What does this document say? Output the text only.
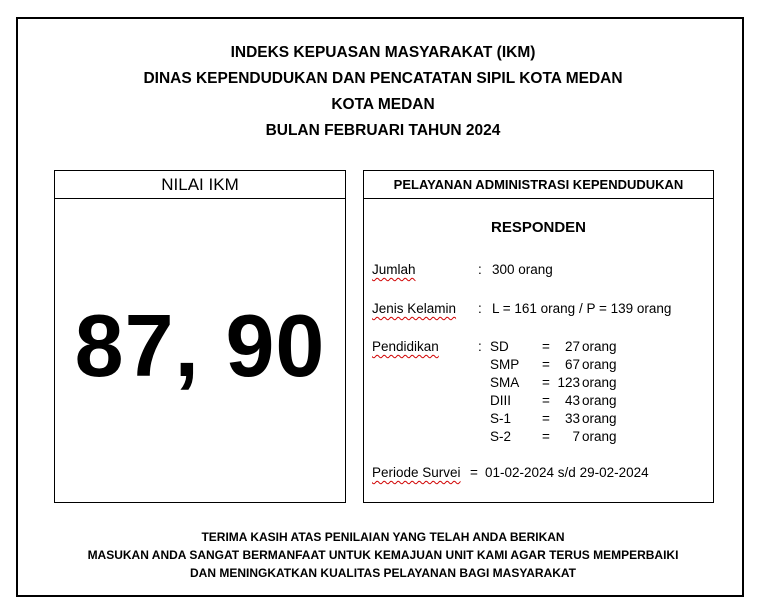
INDEKS KEPUASAN MASYARAKAT (IKM)
DINAS KEPENDUDUKAN DAN PENCATATAN SIPIL KOTA MEDAN
KOTA MEDAN
BULAN FEBRUARI TAHUN 2024
NILAI IKM
87, 90
PELAYANAN ADMINISTRASI KEPENDUDUKAN
RESPONDEN
Jumlah	: 300 orang
Jenis Kelamin : L = 161 orang / P = 139 orang
Pendidikan	: SD =	27 orang
SMP =	67 orang
SMA = 123 orang
DIII =	43 orang
S-1 =	33 orang
S-2 =	7 orang
Periode Survei = 01-02-2024 s/d 29-02-2024
TERIMA KASIH ATAS PENILAIAN YANG TELAH ANDA BERIKAN
MASUKAN ANDA SANGAT BERMANFAAT UNTUK KEMAJUAN UNIT KAMI AGAR TERUS MEMPERBAIKI
DAN MENINGKATKAN KUALITAS PELAYANAN BAGI MASYARAKAT
